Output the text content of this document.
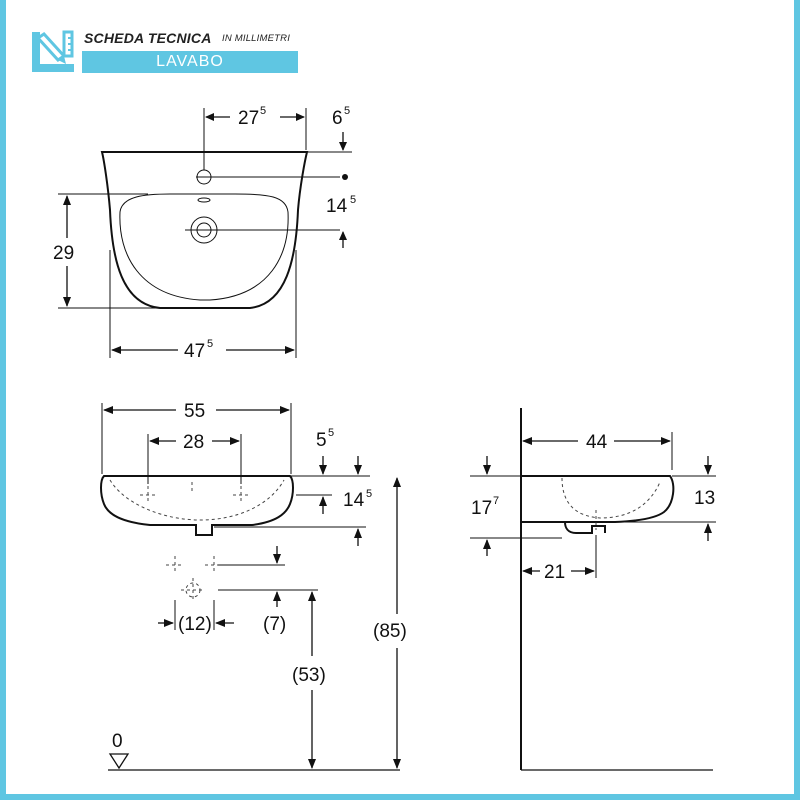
SCHEDA TECNICA IN MILLIMETRI
LAVABO
27 5	6 5
14 5
29
47 5
55
28	5 5
14 5
(12)	(7)
(53)
(85)
0
44
17 7	13
21
